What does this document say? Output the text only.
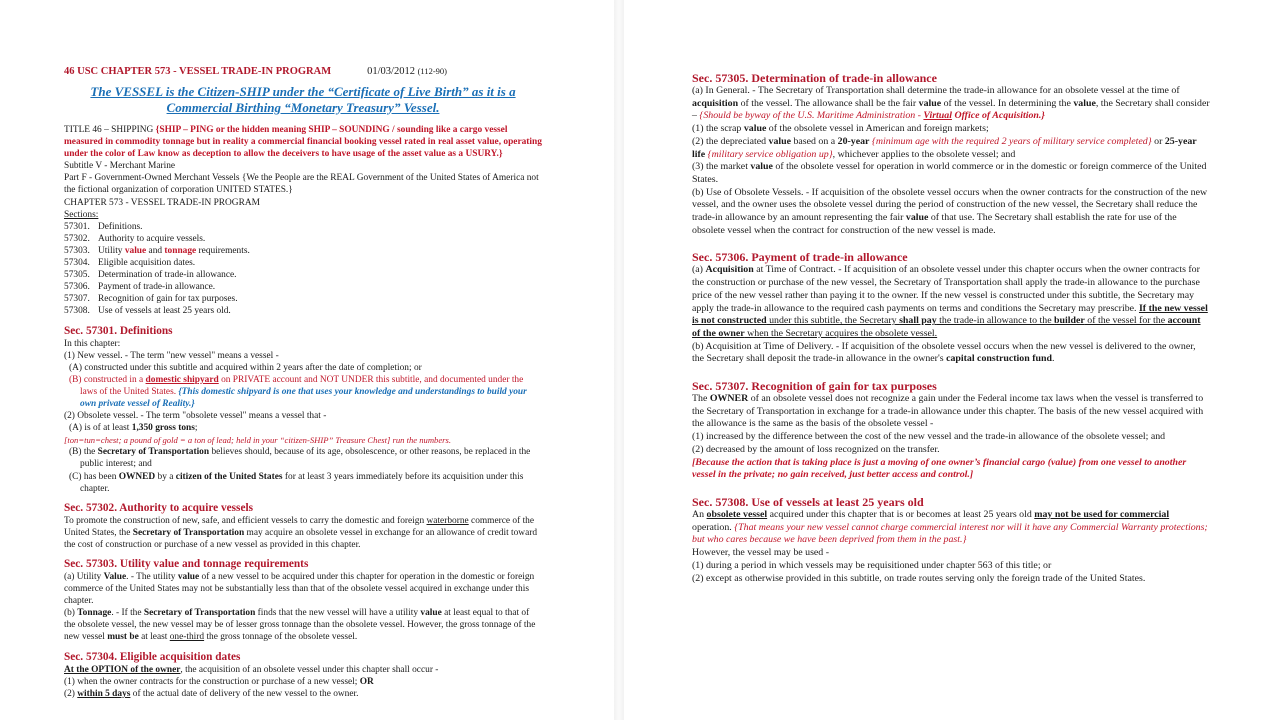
46 USC CHAPTER 573 - VESSEL TRADE-IN PROGRAM	01/03/2012 (112-90)
The VESSEL is the Citizen-SHIP under the “Certificate of Live Birth” as it is a
Commercial Birthing “Monetary Treasury” Vessel.

TITLE 46 – SHIPPING {SHIP – PING or the hidden meaning SHIP – SOUNDING / sounding like a cargo vessel measured in commodity tonnage but in reality a commercial financial booking vessel rated in real asset value, operating under the color of Law know as deception to allow the deceivers to have usage of the asset value as a USURY.}

Subtitle V - Merchant Marine

Part F - Government-Owned Merchant Vessels {We the People are the REAL Government of the United States of America not the fictional organization of corporation UNITED STATES.}

CHAPTER 573 - VESSEL TRADE-IN PROGRAM

Sections:

57301. Definitions.
57302. Authority to acquire vessels.
57303. Utility value and tonnage requirements.
57304. Eligible acquisition dates.
57305. Determination of trade-in allowance.
57306. Payment of trade-in allowance.
57307. Recognition of gain for tax purposes.
57308. Use of vessels at least 25 years old.
Sec. 57301. Definitions

In this chapter:

(1) New vessel. - The term "new vessel" means a vessel -

(A) constructed under this subtitle and acquired within 2 years after the date of completion; or

(B) constructed in a domestic shipyard on PRIVATE account and NOT UNDER this subtitle, and documented under the laws of the United States. {This domestic shipyard is one that uses your knowledge and understandings to build your own private vessel of Reality.}

(2) Obsolete vessel. - The term "obsolete vessel" means a vessel that -

(A) is of at least 1,350 gross tons;

[ton=tun=chest; a pound of gold = a ton of lead; held in your “citizen-SHIP” Treasure Chest] run the numbers.

(B) the Secretary of Transportation believes should, because of its age, obsolescence, or other reasons, be replaced in the public interest; and

(C) has been OWNED by a citizen of the United States for at least 3 years immediately before its acquisition under this chapter.

Sec. 57302. Authority to acquire vessels

To promote the construction of new, safe, and efficient vessels to carry the domestic and foreign waterborne commerce of the United States, the Secretary of Transportation may acquire an obsolete vessel in exchange for an allowance of credit toward the cost of construction or purchase of a new vessel as provided in this chapter.

Sec. 57303. Utility value and tonnage requirements

(a) Utility Value. - The utility value of a new vessel to be acquired under this chapter for operation in the domestic or foreign commerce of the United States may not be substantially less than that of the obsolete vessel acquired in exchange under this chapter.

(b) Tonnage. - If the Secretary of Transportation finds that the new vessel will have a utility value at least equal to that of the obsolete vessel, the new vessel may be of lesser gross tonnage than the obsolete vessel. However, the gross tonnage of the new vessel must be at least one-third the gross tonnage of the obsolete vessel.

Sec. 57304. Eligible acquisition dates

At the OPTION of the owner, the acquisition of an obsolete vessel under this chapter shall occur -

(1) when the owner contracts for the construction or purchase of a new vessel; OR

(2) within 5 days of the actual date of delivery of the new vessel to the owner.

Sec. 57305. Determination of trade-in allowance

(a) In General. - The Secretary of Transportation shall determine the trade-in allowance for an obsolete vessel at the time of acquisition of the vessel. The allowance shall be the fair value of the vessel. In determining the value, the Secretary shall consider – {Should be byway of the U.S. Maritime Administration - Virtual Office of Acquisition.}

(1) the scrap value of the obsolete vessel in American and foreign markets;

(2) the depreciated value based on a 20-year {minimum age with the required 2 years of military service completed} or 25-year life {military service obligation up}, whichever applies to the obsolete vessel; and

(3) the market value of the obsolete vessel for operation in world commerce or in the domestic or foreign commerce of the United States.

(b) Use of Obsolete Vessels. - If acquisition of the obsolete vessel occurs when the owner contracts for the construction of the new vessel, and the owner uses the obsolete vessel during the period of construction of the new vessel, the Secretary shall reduce the trade-in allowance by an amount representing the fair value of that use. The Secretary shall establish the rate for use of the obsolete vessel when the contract for construction of the new vessel is made.

Sec. 57306. Payment of trade-in allowance

(a) Acquisition at Time of Contract. - If acquisition of an obsolete vessel under this chapter occurs when the owner contracts for the construction or purchase of the new vessel, the Secretary of Transportation shall apply the trade-in allowance to the purchase price of the new vessel rather than paying it to the owner. If the new vessel is constructed under this subtitle, the Secretary may apply the trade-in allowance to the required cash payments on terms and conditions the Secretary may prescribe. If the new vessel is not constructed under this subtitle, the Secretary shall pay the trade-in allowance to the builder of the vessel for the account of the owner when the Secretary acquires the obsolete vessel.

(b) Acquisition at Time of Delivery. - If acquisition of the obsolete vessel occurs when the new vessel is delivered to the owner, the Secretary shall deposit the trade-in allowance in the owner's capital construction fund.

Sec. 57307. Recognition of gain for tax purposes

The OWNER of an obsolete vessel does not recognize a gain under the Federal income tax laws when the vessel is transferred to the Secretary of Transportation in exchange for a trade-in allowance under this chapter. The basis of the new vessel acquired with the allowance is the same as the basis of the obsolete vessel -

(1) increased by the difference between the cost of the new vessel and the trade-in allowance of the obsolete vessel; and

(2) decreased by the amount of loss recognized on the transfer.

[Because the action that is taking place is just a moving of one owner’s financial cargo (value) from one vessel to another vessel in the private; no gain received, just better access and control.]

Sec. 57308. Use of vessels at least 25 years old

An obsolete vessel acquired under this chapter that is or becomes at least 25 years old may not be used for commercial operation. {That means your new vessel cannot charge commercial interest nor will it have any Commercial Warranty protections; but who cares because we have been deprived from them in the past.}

However, the vessel may be used -

(1) during a period in which vessels may be requisitioned under chapter 563 of this title; or

(2) except as otherwise provided in this subtitle, on trade routes serving only the foreign trade of the United States.
